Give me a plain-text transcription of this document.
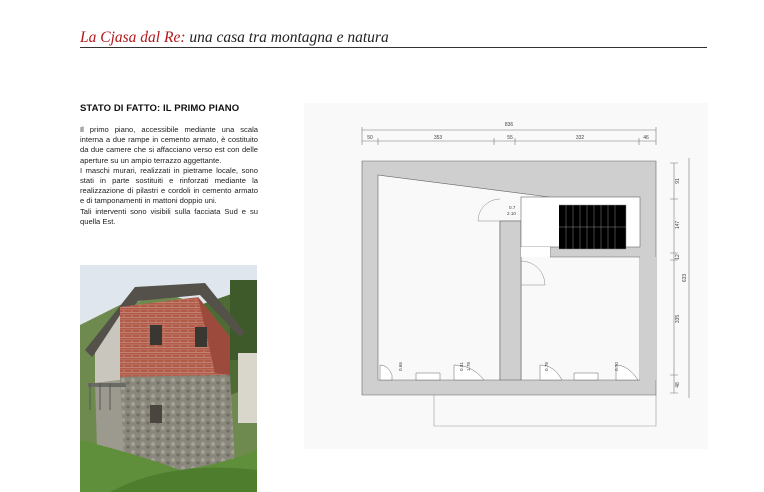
La Cjasa dal Re: una casa tra montagna e natura
STATO DI FATTO: IL PRIMO PIANO

Il primo piano, accessibile mediante una scala interna a due rampe in cemento armato, è costituito da due camere che si affacciano verso est con delle aperture su un ampio terrazzo aggettante.

I maschi murari, realizzati in pietrame locale, sono stati in parte sostituiti e rinforzati mediante la realizzazione di pilastri e cordoli in cemento armato e di tamponamenti in mattoni doppio uni.

Tali interventi sono visibili sulla facciata Sud e su quella Est.

836
50	353	55	332	46
91
147
12
335
48
633
0.7
2.10
0.65	0.81 1.78	0.76	0.70
